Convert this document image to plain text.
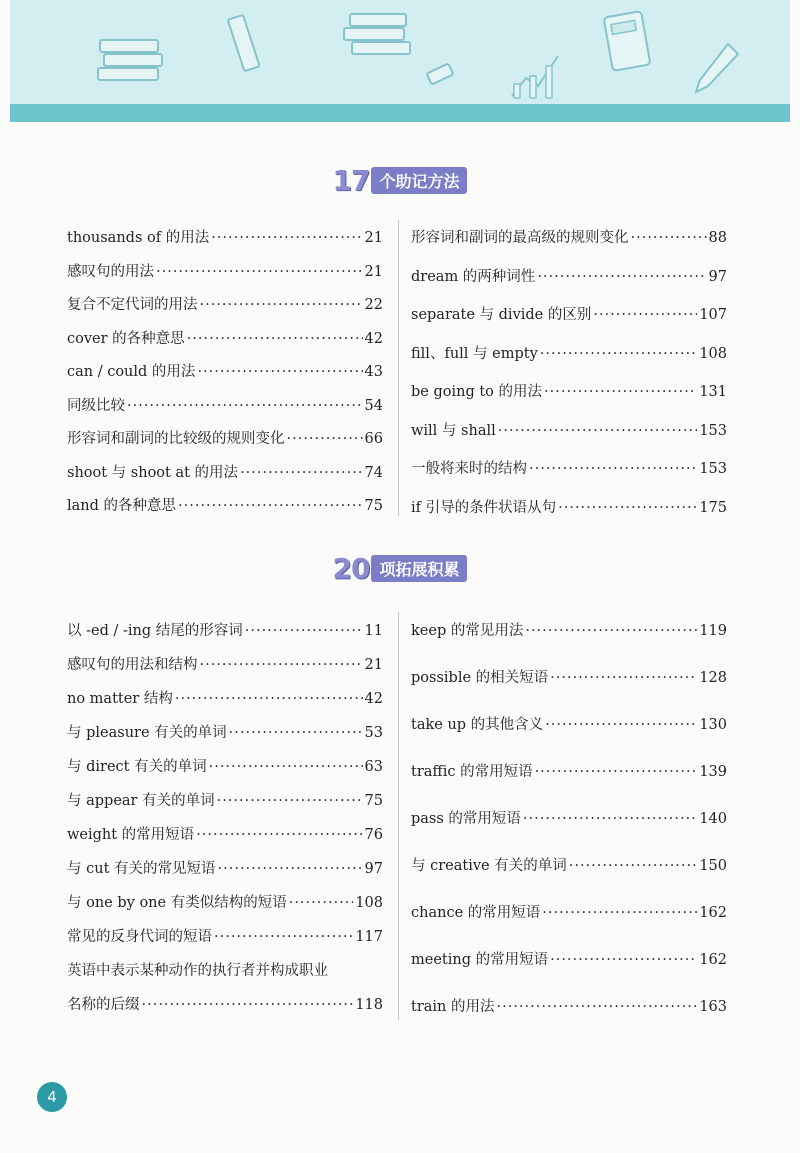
17 个助记方法
thousands of 的用法 ·····	21
感叹句的用法 ·····	21
复合不定代词的用法 ·····	22
cover 的各种意思 ·····	42
can / could 的用法 ·····	43
同级比较 ·····	54
形容词和副词的比较级的规则变化 ·····	66
shoot 与 shoot at 的用法 ·····	74
land 的各种意思 ·····	75
形容词和副词的最高级的规则变化 ·····	88
dream 的两种词性 ·····	97
separate 与 divide 的区别 ·····	107
fill、full 与 empty ·····	108
be going to 的用法 ·····	131
will 与 shall ·····	153
一般将来时的结构 ·····	153
if 引导的条件状语从句 ·····	175
20 项拓展积累
以 -ed / -ing 结尾的形容词 ·····	11
感叹句的用法和结构 ·····	21
no matter 结构 ·····	42
与 pleasure 有关的单词 ·····	53
与 direct 有关的单词 ·····	63
与 appear 有关的单词 ·····	75
weight 的常用短语 ·····	76
与 cut 有关的常见短语 ·····	97
与 one by one 有类似结构的短语 ·····	108
常见的反身代词的短语 ·····	117
英语中表示某种动作的执行者并构成职业
名称的后缀 ·····	118
keep 的常见用法 ·····	119
possible 的相关短语 ·····	128
take up 的其他含义 ·····	130
traffic 的常用短语 ·····	139
pass 的常用短语 ·····	140
与 creative 有关的单词 ·····	150
chance 的常用短语 ·····	162
meeting 的常用短语 ·····	162
train 的用法 ·····	163
4
